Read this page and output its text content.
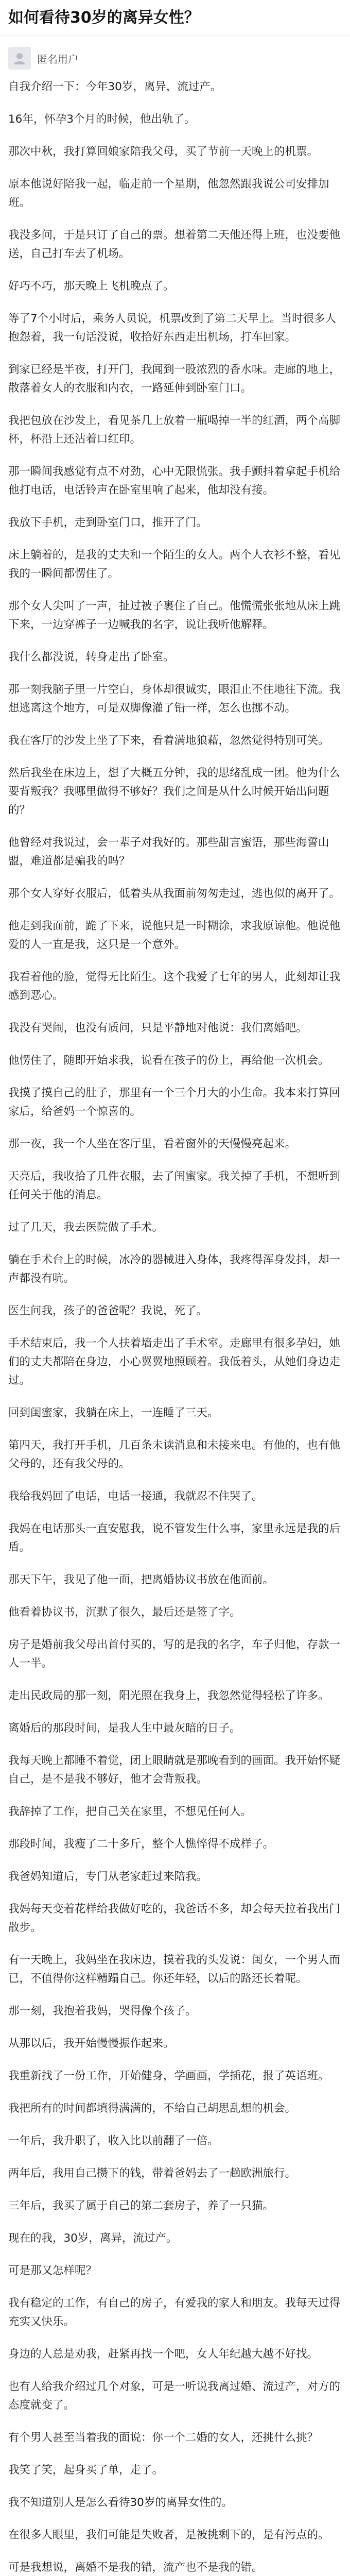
如何看待30岁的离异女性？
匿名用户

自我介绍一下：今年30岁，离异，流过产。

16年，怀孕3个月的时候，他出轨了。

那次中秋，我打算回娘家陪我父母，买了节前一天晚上的机票。

原本他说好陪我一起，临走前一个星期，他忽然跟我说公司安排加班。

我没多问，于是只订了自己的票。想着第二天他还得上班，也没要他送，自己打车去了机场。

好巧不巧，那天晚上飞机晚点了。

等了7个小时后，乘务人员说，机票改到了第二天早上。当时很多人抱怨着，我一句话没说，收拾好东西走出机场，打车回家。

到家已经是半夜，打开门，我闻到一股浓烈的香水味。走廊的地上，散落着女人的衣服和内衣，一路延伸到卧室门口。

我把包放在沙发上，看见茶几上放着一瓶喝掉一半的红酒，两个高脚杯，杯沿上还沾着口红印。

那一瞬间我感觉有点不对劲，心中无限慌张。我手颤抖着拿起手机给他打电话，电话铃声在卧室里响了起来，他却没有接。

我放下手机，走到卧室门口，推开了门。

床上躺着的，是我的丈夫和一个陌生的女人。两个人衣衫不整，看见我的一瞬间都愣住了。

那个女人尖叫了一声，扯过被子裹住了自己。他慌慌张张地从床上跳下来，一边穿裤子一边喊我的名字，说让我听他解释。

我什么都没说，转身走出了卧室。

那一刻我脑子里一片空白，身体却很诚实，眼泪止不住地往下流。我想逃离这个地方，可是双脚像灌了铅一样，怎么也挪不动。

我在客厅的沙发上坐了下来，看着满地狼藉，忽然觉得特别可笑。

然后我坐在床边上，想了大概五分钟，我的思绪乱成一团。他为什么要背叛我？我哪里做得不够好？我们之间是从什么时候开始出问题的？

他曾经对我说过，会一辈子对我好的。那些甜言蜜语，那些海誓山盟，难道都是骗我的吗？

那个女人穿好衣服后，低着头从我面前匆匆走过，逃也似的离开了。

他走到我面前，跪了下来，说他只是一时糊涂，求我原谅他。他说他爱的人一直是我，这只是一个意外。

我看着他的脸，觉得无比陌生。这个我爱了七年的男人，此刻却让我感到恶心。

我没有哭闹，也没有质问，只是平静地对他说：我们离婚吧。

他愣住了，随即开始求我，说看在孩子的份上，再给他一次机会。

我摸了摸自己的肚子，那里有一个三个月大的小生命。我本来打算回家后，给爸妈一个惊喜的。

那一夜，我一个人坐在客厅里，看着窗外的天慢慢亮起来。

天亮后，我收拾了几件衣服，去了闺蜜家。我关掉了手机，不想听到任何关于他的消息。

过了几天，我去医院做了手术。

躺在手术台上的时候，冰冷的器械进入身体，我疼得浑身发抖，却一声都没有吭。

医生问我，孩子的爸爸呢？我说，死了。

手术结束后，我一个人扶着墙走出了手术室。走廊里有很多孕妇，她们的丈夫都陪在身边，小心翼翼地照顾着。我低着头，从她们身边走过。

回到闺蜜家，我躺在床上，一连睡了三天。

第四天，我打开手机，几百条未读消息和未接来电。有他的，也有他父母的，还有我父母的。

我给我妈回了电话，电话一接通，我就忍不住哭了。

我妈在电话那头一直安慰我，说不管发生什么事，家里永远是我的后盾。

那天下午，我见了他一面，把离婚协议书放在他面前。

他看着协议书，沉默了很久，最后还是签了字。

房子是婚前我父母出首付买的，写的是我的名字，车子归他，存款一人一半。

走出民政局的那一刻，阳光照在我身上，我忽然觉得轻松了许多。

离婚后的那段时间，是我人生中最灰暗的日子。

我每天晚上都睡不着觉，闭上眼睛就是那晚看到的画面。我开始怀疑自己，是不是我不够好，他才会背叛我。

我辞掉了工作，把自己关在家里，不想见任何人。

那段时间，我瘦了二十多斤，整个人憔悴得不成样子。

我爸妈知道后，专门从老家赶过来陪我。

我妈每天变着花样给我做好吃的，我爸话不多，却会每天拉着我出门散步。

有一天晚上，我妈坐在我床边，摸着我的头发说：闺女，一个男人而已，不值得你这样糟蹋自己。你还年轻，以后的路还长着呢。

那一刻，我抱着我妈，哭得像个孩子。

从那以后，我开始慢慢振作起来。

我重新找了一份工作，开始健身，学画画，学插花，报了英语班。

我把所有的时间都填得满满的，不给自己胡思乱想的机会。

一年后，我升职了，收入比以前翻了一倍。

两年后，我用自己攒下的钱，带着爸妈去了一趟欧洲旅行。

三年后，我买了属于自己的第二套房子，养了一只猫。

现在的我，30岁，离异，流过产。

可是那又怎样呢？

我有稳定的工作，有自己的房子，有爱我的家人和朋友。我每天过得充实又快乐。

身边的人总是劝我，赶紧再找一个吧，女人年纪越大越不好找。

也有人给我介绍过几个对象，可是一听说我离过婚、流过产，对方的态度就变了。

有个男人甚至当着我的面说：你一个二婚的女人，还挑什么挑？

我笑了笑，起身买了单，走了。

我不知道别人是怎么看待30岁的离异女性的。

在很多人眼里，我们可能是失败者，是被挑剩下的，是有污点的。

可是我想说，离婚不是我的错，流产也不是我的错。
